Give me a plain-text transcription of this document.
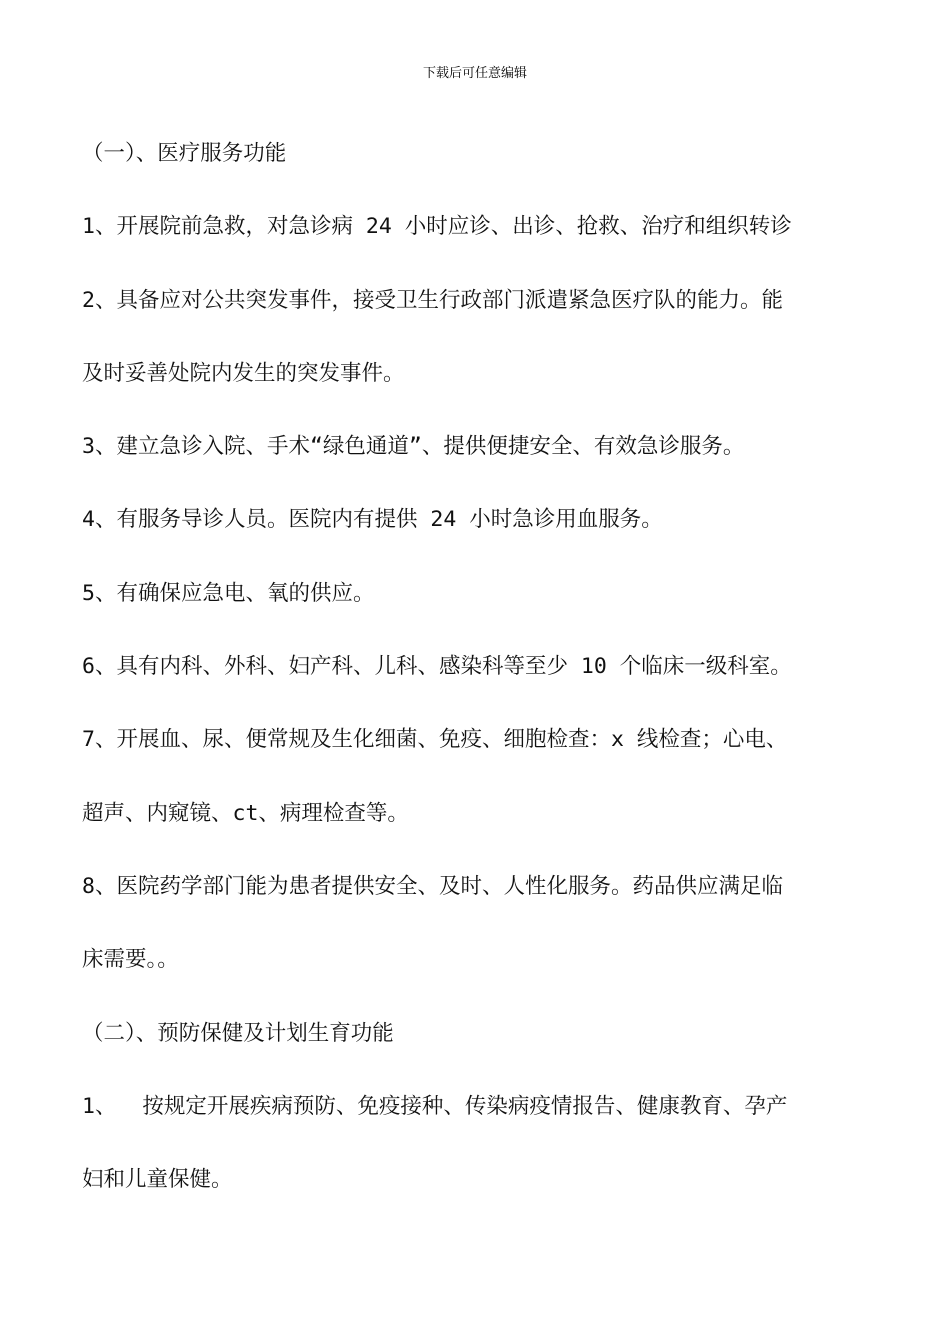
下载后可任意编辑

（一）、医疗服务功能

1、开展院前急救，对急诊病 24 小时应诊、出诊、抢救、治疗和组织转诊

2、具备应对公共突发事件，接受卫生行政部门派遣紧急医疗队的能力。能

及时妥善处院内发生的突发事件。

3、建立急诊入院、手术“绿色通道”、提供便捷安全、有效急诊服务。

4、有服务导诊人员。医院内有提供 24 小时急诊用血服务。

5、有确保应急电、氧的供应。

6、具有内科、外科、妇产科、儿科、感染科等至少 10 个临床一级科室。

7、开展血、尿、便常规及生化细菌、免疫、细胞检查：x 线检查；心电、

超声、内窥镜、ct、病理检查等。

8、医院药学部门能为患者提供安全、及时、人性化服务。药品供应满足临

床需要。。

（二）、预防保健及计划生育功能

1、  按规定开展疾病预防、免疫接种、传染病疫情报告、健康教育、孕产

妇和儿童保健。
